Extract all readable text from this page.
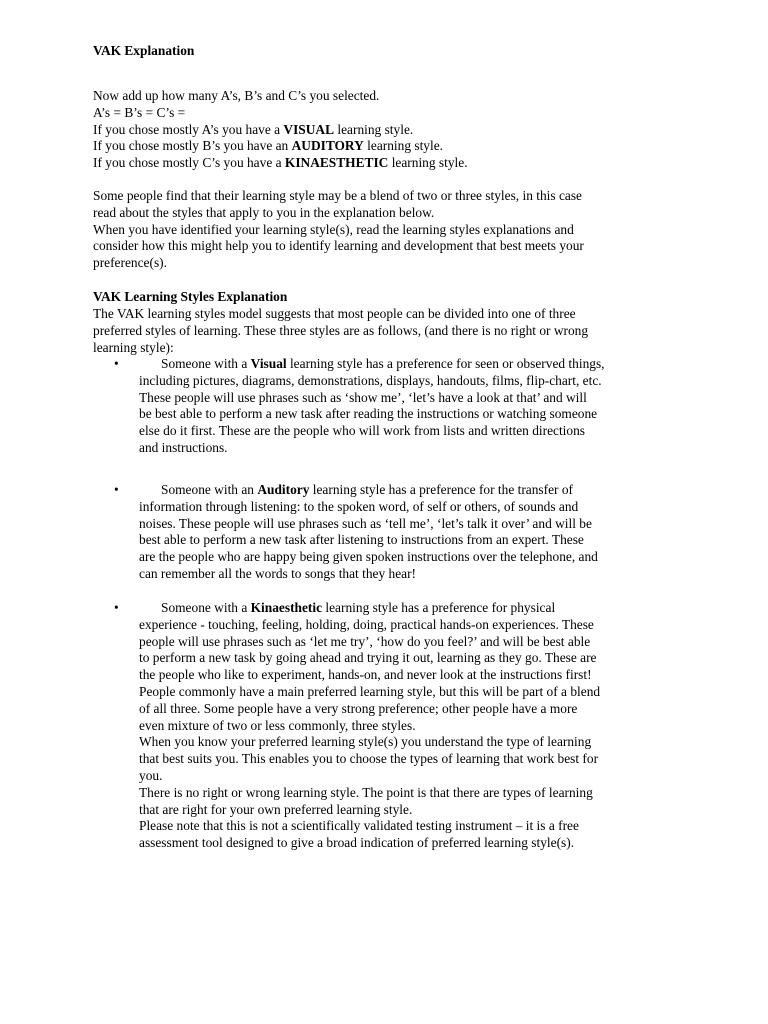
VAK Explanation

Now add up how many A’s, B’s and C’s you selected.
A’s = B’s = C’s =
If you chose mostly A’s you have a VISUAL learning style.
If you chose mostly B’s you have an AUDITORY learning style.
If you chose mostly C’s you have a KINAESTHETIC learning style.
Some people find that their learning style may be a blend of two or three styles, in this case
read about the styles that apply to you in the explanation below.
When you have identified your learning style(s), read the learning styles explanations and
consider how this might help you to identify learning and development that best meets your
preference(s).

VAK Learning Styles Explanation

The VAK learning styles model suggests that most people can be divided into one of three
preferred styles of learning. These three styles are as follows, (and there is no right or wrong
learning style):
•	Someone with a Visual learning style has a preference for seen or observed things,
including pictures, diagrams, demonstrations, displays, handouts, films, flip-chart, etc.
These people will use phrases such as ‘show me’, ‘let’s have a look at that’ and will
be best able to perform a new task after reading the instructions or watching someone
else do it first. These are the people who will work from lists and written directions
and instructions.
•	Someone with an Auditory learning style has a preference for the transfer of
information through listening: to the spoken word, of self or others, of sounds and
noises. These people will use phrases such as ‘tell me’, ‘let’s talk it over’ and will be
best able to perform a new task after listening to instructions from an expert. These
are the people who are happy being given spoken instructions over the telephone, and
can remember all the words to songs that they hear!
•	Someone with a Kinaesthetic learning style has a preference for physical
experience - touching, feeling, holding, doing, practical hands-on experiences. These
people will use phrases such as ‘let me try’, ‘how do you feel?’ and will be best able
to perform a new task by going ahead and trying it out, learning as they go. These are
the people who like to experiment, hands-on, and never look at the instructions first!
People commonly have a main preferred learning style, but this will be part of a blend
of all three. Some people have a very strong preference; other people have a more
even mixture of two or less commonly, three styles.
When you know your preferred learning style(s) you understand the type of learning
that best suits you. This enables you to choose the types of learning that work best for
you.
There is no right or wrong learning style. The point is that there are types of learning
that are right for your own preferred learning style.
Please note that this is not a scientifically validated testing instrument – it is a free
assessment tool designed to give a broad indication of preferred learning style(s).
